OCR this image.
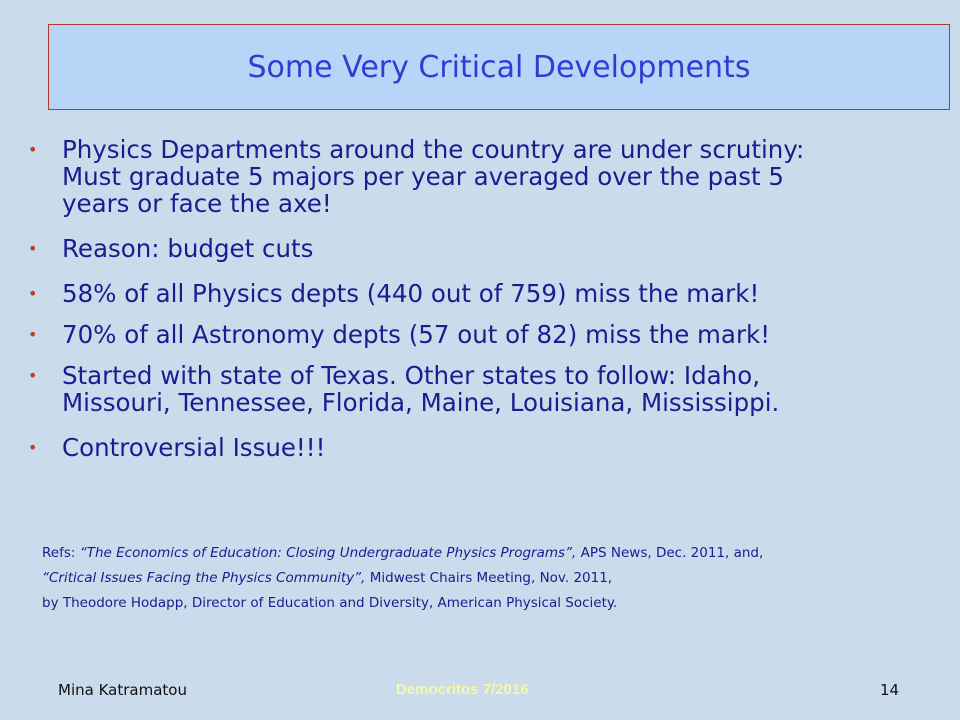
Some Very Critical Developments
• Physics Departments around the country are under scrutiny:
Must graduate 5 majors per year averaged over the past 5
years or face the axe!
• Reason: budget cuts
• 58% of all Physics depts (440 out of 759) miss the mark!
• 70% of all Astronomy depts (57 out of 82) miss the mark!
• Started with state of Texas. Other states to follow: Idaho,
Missouri, Tennessee, Florida, Maine, Louisiana, Mississippi.
• Controversial Issue!!!
Refs: “The Economics of Education: Closing Undergraduate Physics Programs”, APS News, Dec. 2011, and,
“Critical Issues Facing the Physics Community”, Midwest Chairs Meeting, Nov. 2011,
by Theodore Hodapp, Director of Education and Diversity, American Physical Society.
Mina Katramatou	Democritos 7/2016	14
